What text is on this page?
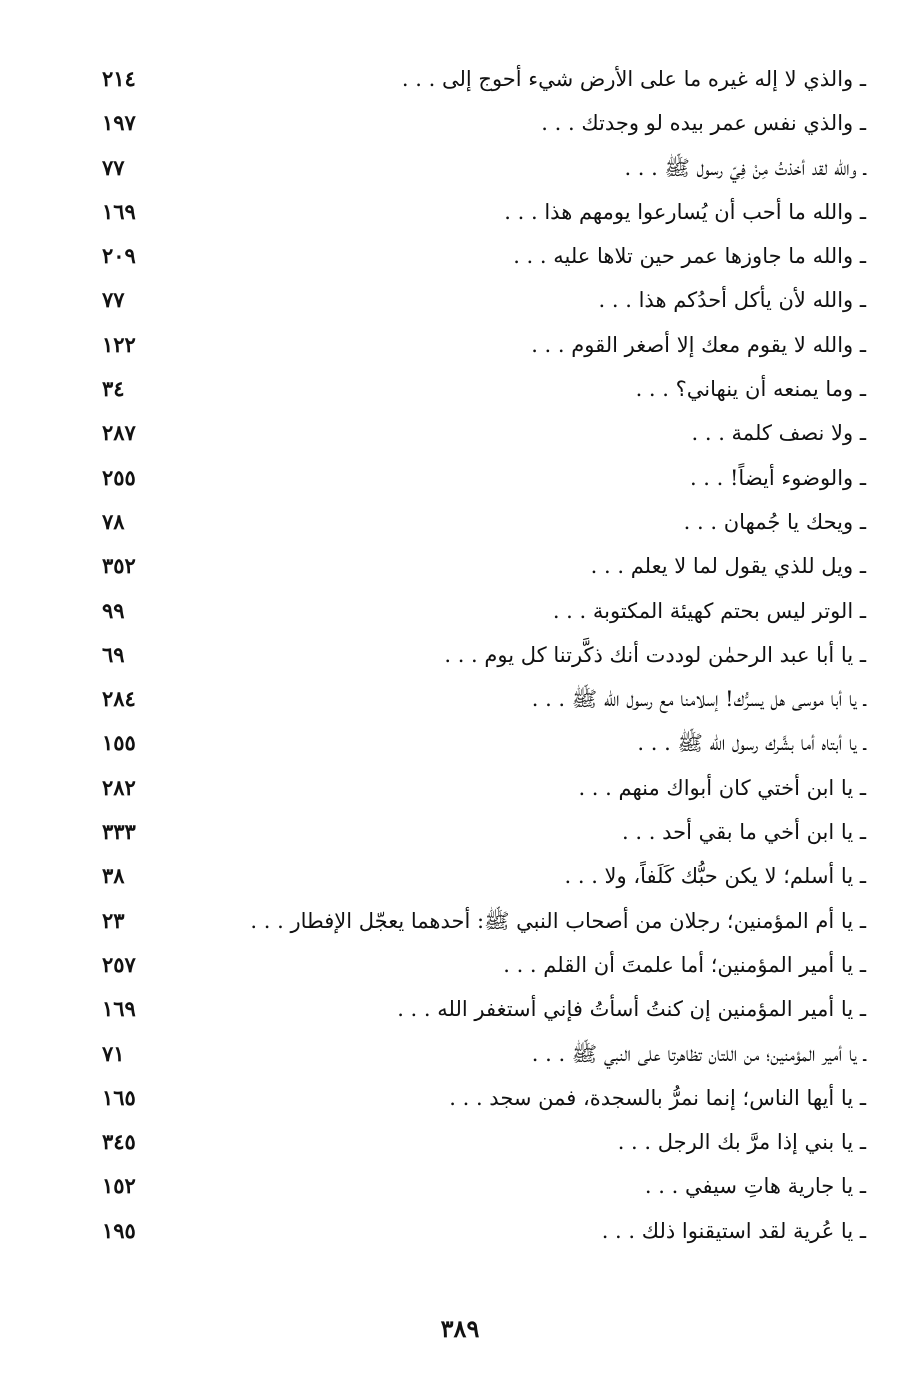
ـ والذي لا إله غيره ما على الأرض شيء أحوج إلى . . .
٢١٤
ـ والذي نفس عمر بيده لو وجدتك . . .
١٩٧
ـ والله لقد أخذتُ مِنْ فِيّ رسول ﷺ . . .
٧٧
ـ والله ما أحب أن يُسارعوا يومهم هذا . . .
١٦٩
ـ والله ما جاوزها عمر حين تلاها عليه . . .
٢٠٩
ـ والله لأن يأكل أحدُكم هذا . . .
٧٧
ـ والله لا يقوم معك إلا أصغر القوم . . .
١٢٢
ـ وما يمنعه أن ينهاني؟ . . .
٣٤
ـ ولا نصف كلمة . . .
٢٨٧
ـ والوضوء أيضاً! . . .
٢٥٥
ـ ويحك يا جُمهان . . .
٧٨
ـ ويل للذي يقول لما لا يعلم . . .
٣٥٢
ـ الوتر ليس بحتم كهيئة المكتوبة . . .
٩٩
ـ يا أبا عبد الرحمٰن لوددت أنك ذكَّرتنا كل يوم . . .
٦٩
ـ يا أبا موسى هل يسرُّك! إسلامنا مع رسول الله ﷺ . . .
٢٨٤
ـ يا أبتاه أما بشَّرك رسول الله ﷺ . . .
١٥٥
ـ يا ابن أختي كان أبواك منهم . . .
٢٨٢
ـ يا ابن أخي ما بقي أحد . . .
٣٣٣
ـ يا أسلم؛ لا يكن حبُّك كَلَفاً، ولا . . .
٣٨
ـ يا أم المؤمنين؛ رجلان من أصحاب النبي ﷺ: أحدهما يعجّل الإفطار . . .
٢٣
ـ يا أمير المؤمنين؛ أما علمتَ أن القلم . . .
٢٥٧
ـ يا أمير المؤمنين إن كنتُ أسأتُ فإني أستغفر الله . . .
١٦٩
ـ يا أمير المؤمنين؛ من اللتان تظاهرتا على النبي ﷺ . . .
٧١
ـ يا أيها الناس؛ إنما نمرُّ بالسجدة، فمن سجد . . .
١٦٥
ـ يا بني إذا مرَّ بك الرجل . . .
٣٤٥
ـ يا جارية هاتِ سيفي . . .
١٥٢
ـ يا عُرية لقد استيقنوا ذلك . . .
١٩٥
٣٨٩
